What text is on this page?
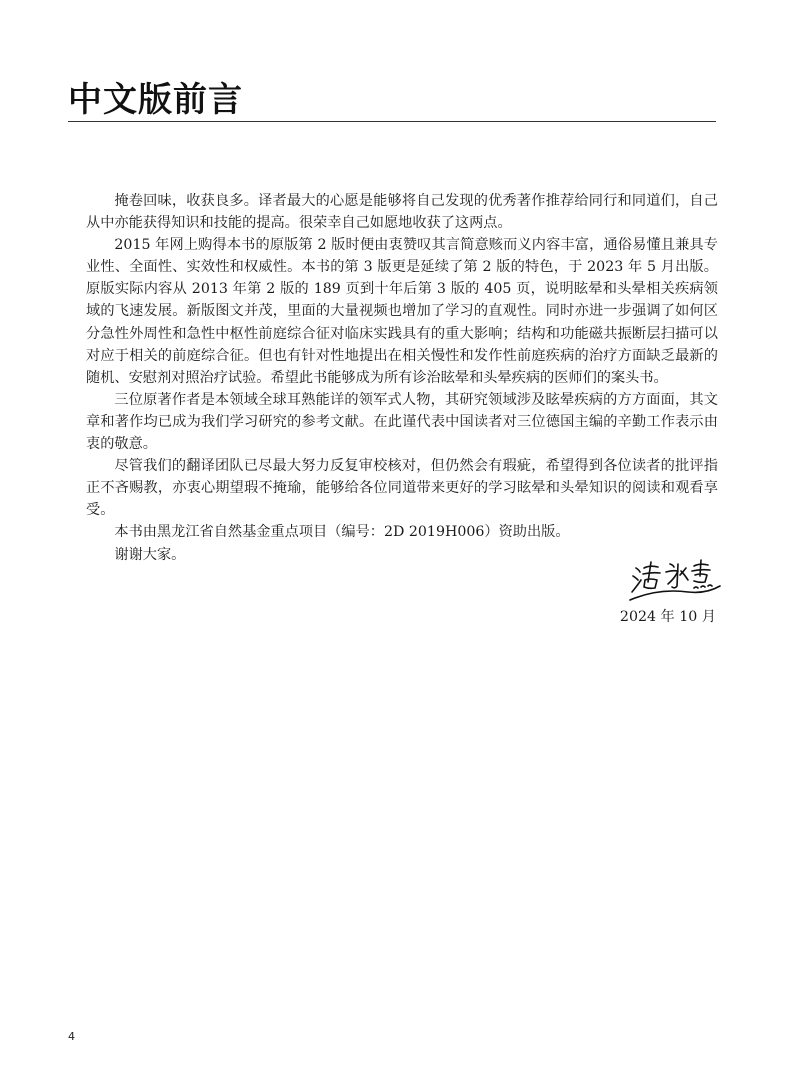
中文版前言

掩卷回味，收获良多。译者最大的心愿是能够将自己发现的优秀著作推荐给同行和同道们，自己从中亦能获得知识和技能的提高。很荣幸自己如愿地收获了这两点。

2015 年网上购得本书的原版第 2 版时便由衷赞叹其言简意赅而义内容丰富，通俗易懂且兼具专业性、全面性、实效性和权威性。本书的第 3 版更是延续了第 2 版的特色，于 2023 年 5 月出版。原版实际内容从 2013 年第 2 版的 189 页到十年后第 3 版的 405 页，说明眩晕和头晕相关疾病领域的飞速发展。新版图文并茂，里面的大量视频也增加了学习的直观性。同时亦进一步强调了如何区分急性外周性和急性中枢性前庭综合征对临床实践具有的重大影响；结构和功能磁共振断层扫描可以对应于相关的前庭综合征。但也有针对性地提出在相关慢性和发作性前庭疾病的治疗方面缺乏最新的随机、安慰剂对照治疗试验。希望此书能够成为所有诊治眩晕和头晕疾病的医师们的案头书。

三位原著作者是本领域全球耳熟能详的领军式人物，其研究领域涉及眩晕疾病的方方面面，其文章和著作均已成为我们学习研究的参考文献。在此谨代表中国读者对三位德国主编的辛勤工作表示由衷的敬意。

尽管我们的翻译团队已尽最大努力反复审校核对，但仍然会有瑕疵，希望得到各位读者的批评指正不吝赐教，亦衷心期望瑕不掩瑜，能够给各位同道带来更好的学习眩晕和头晕知识的阅读和观看享受。

本书由黑龙江省自然基金重点项目（编号：2D 2019H006）资助出版。

谢谢大家。

2024 年 10 月
4
